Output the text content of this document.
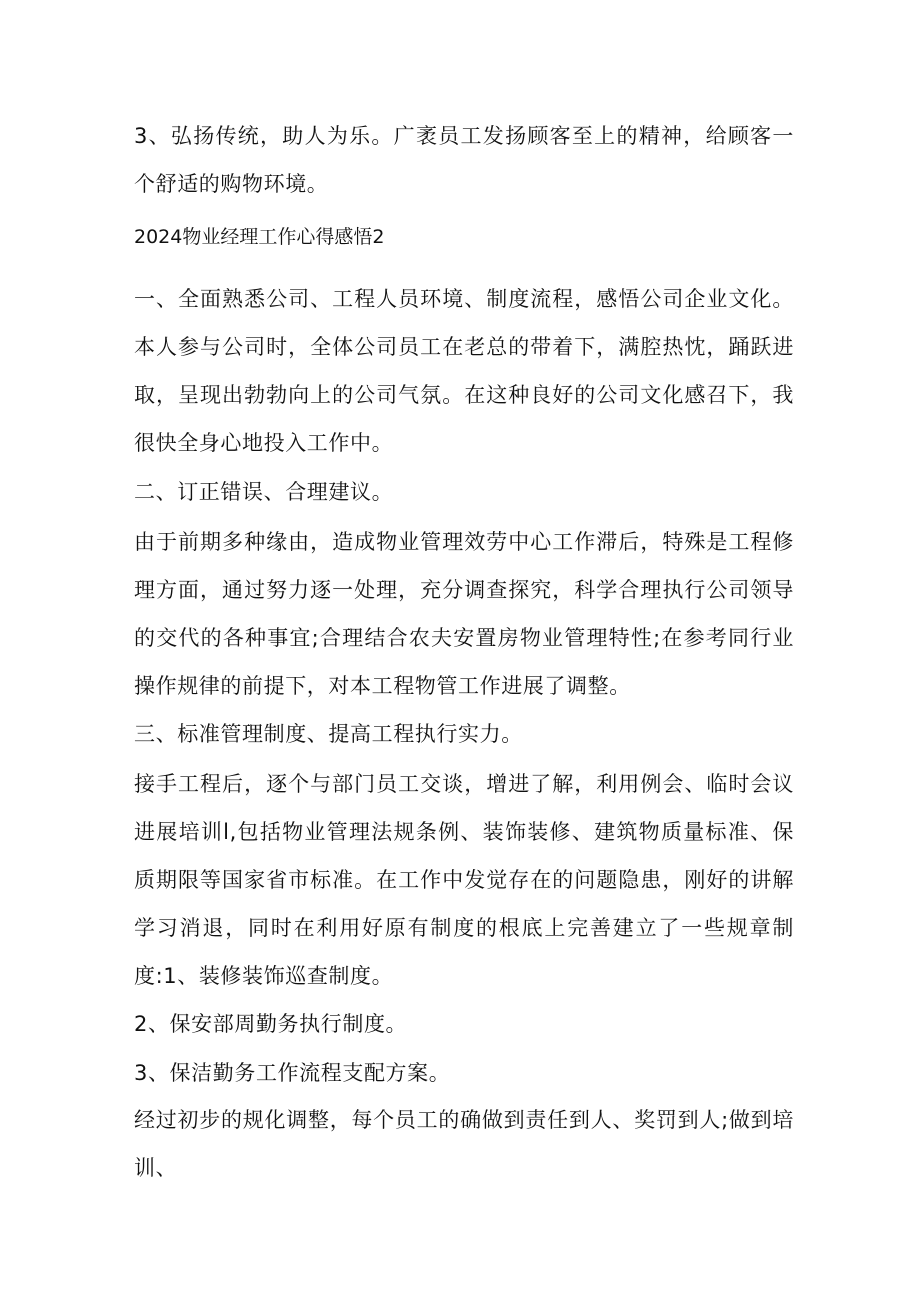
3、弘扬传统，助人为乐。广袤员工发扬顾客至上的精神，给顾客一个舒适的购物环境。

2024物业经理工作心得感悟2

一、全面熟悉公司、工程人员环境、制度流程，感悟公司企业文化。本人参与公司时，全体公司员工在老总的带着下，满腔热忱，踊跃进取，呈现出勃勃向上的公司气氛。在这种良好的公司文化感召下，我很快全身心地投入工作中。

二、订正错误、合理建议。

由于前期多种缘由，造成物业管理效劳中心工作滞后，特殊是工程修理方面，通过努力逐一处理，充分调查探究，科学合理执行公司领导的交代的各种事宜;合理结合农夫安置房物业管理特性;在参考同行业操作规律的前提下，对本工程物管工作进展了调整。

三、标准管理制度、提高工程执行实力。

接手工程后，逐个与部门员工交谈，增进了解，利用例会、临时会议进展培训l,包括物业管理法规条例、装饰装修、建筑物质量标准、保质期限等国家省市标准。在工作中发觉存在的问题隐患，刚好的讲解学习消退，同时在利用好原有制度的根底上完善建立了一些规章制度:1、装修装饰巡查制度。

2、保安部周勤务执行制度。

3、保洁勤务工作流程支配方案。

经过初步的规化调整，每个员工的确做到责任到人、奖罚到人;做到培训、
